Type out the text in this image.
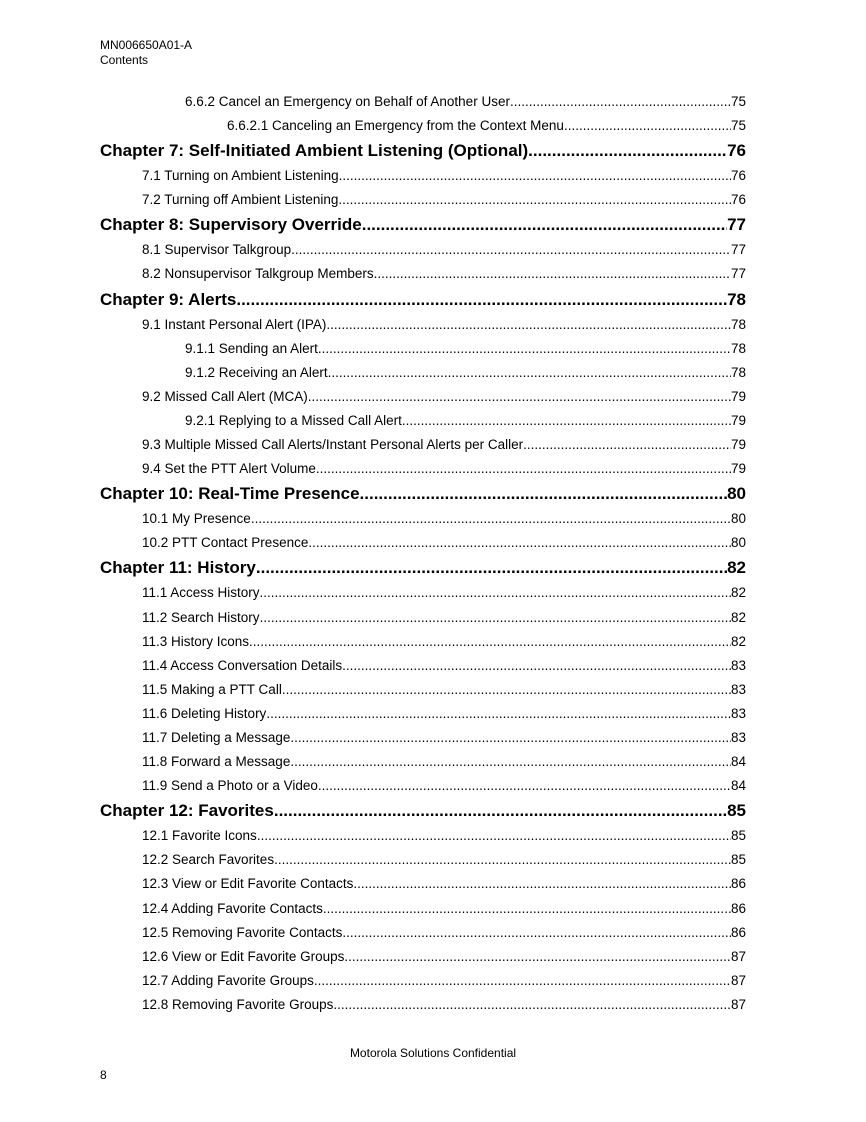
MN006650A01-A
Contents
6.6.2 Cancel an Emergency on Behalf of Another User .....	75
6.6.2.1 Canceling an Emergency from the Context Menu .....	75
Chapter 7: Self-Initiated Ambient Listening (Optional) .....	76
7.1 Turning on Ambient Listening .....	76
7.2 Turning off Ambient Listening .....	76
Chapter 8: Supervisory Override .....	77
8.1 Supervisor Talkgroup .....	77
8.2 Nonsupervisor Talkgroup Members .....	77
Chapter 9: Alerts .....	78
9.1 Instant Personal Alert (IPA) .....	78
9.1.1 Sending an Alert .....	78
9.1.2 Receiving an Alert .....	78
9.2 Missed Call Alert (MCA) .....	79
9.2.1 Replying to a Missed Call Alert .....	79
9.3 Multiple Missed Call Alerts/Instant Personal Alerts per Caller .....	79
9.4 Set the PTT Alert Volume .....	79
Chapter 10: Real-Time Presence .....	80
10.1 My Presence .....	80
10.2 PTT Contact Presence .....	80
Chapter 11: History .....	82
11.1 Access History .....	82
11.2 Search History .....	82
11.3 History Icons .....	82
11.4 Access Conversation Details .....	83
11.5 Making a PTT Call .....	83
11.6 Deleting History .....	83
11.7 Deleting a Message .....	83
11.8 Forward a Message .....	84
11.9 Send a Photo or a Video .....	84
Chapter 12: Favorites .....	85
12.1 Favorite Icons .....	85
12.2 Search Favorites .....	85
12.3 View or Edit Favorite Contacts .....	86
12.4 Adding Favorite Contacts .....	86
12.5 Removing Favorite Contacts .....	86
12.6 View or Edit Favorite Groups .....	87
12.7 Adding Favorite Groups .....	87
12.8 Removing Favorite Groups .....	87
Motorola Solutions Confidential
8
